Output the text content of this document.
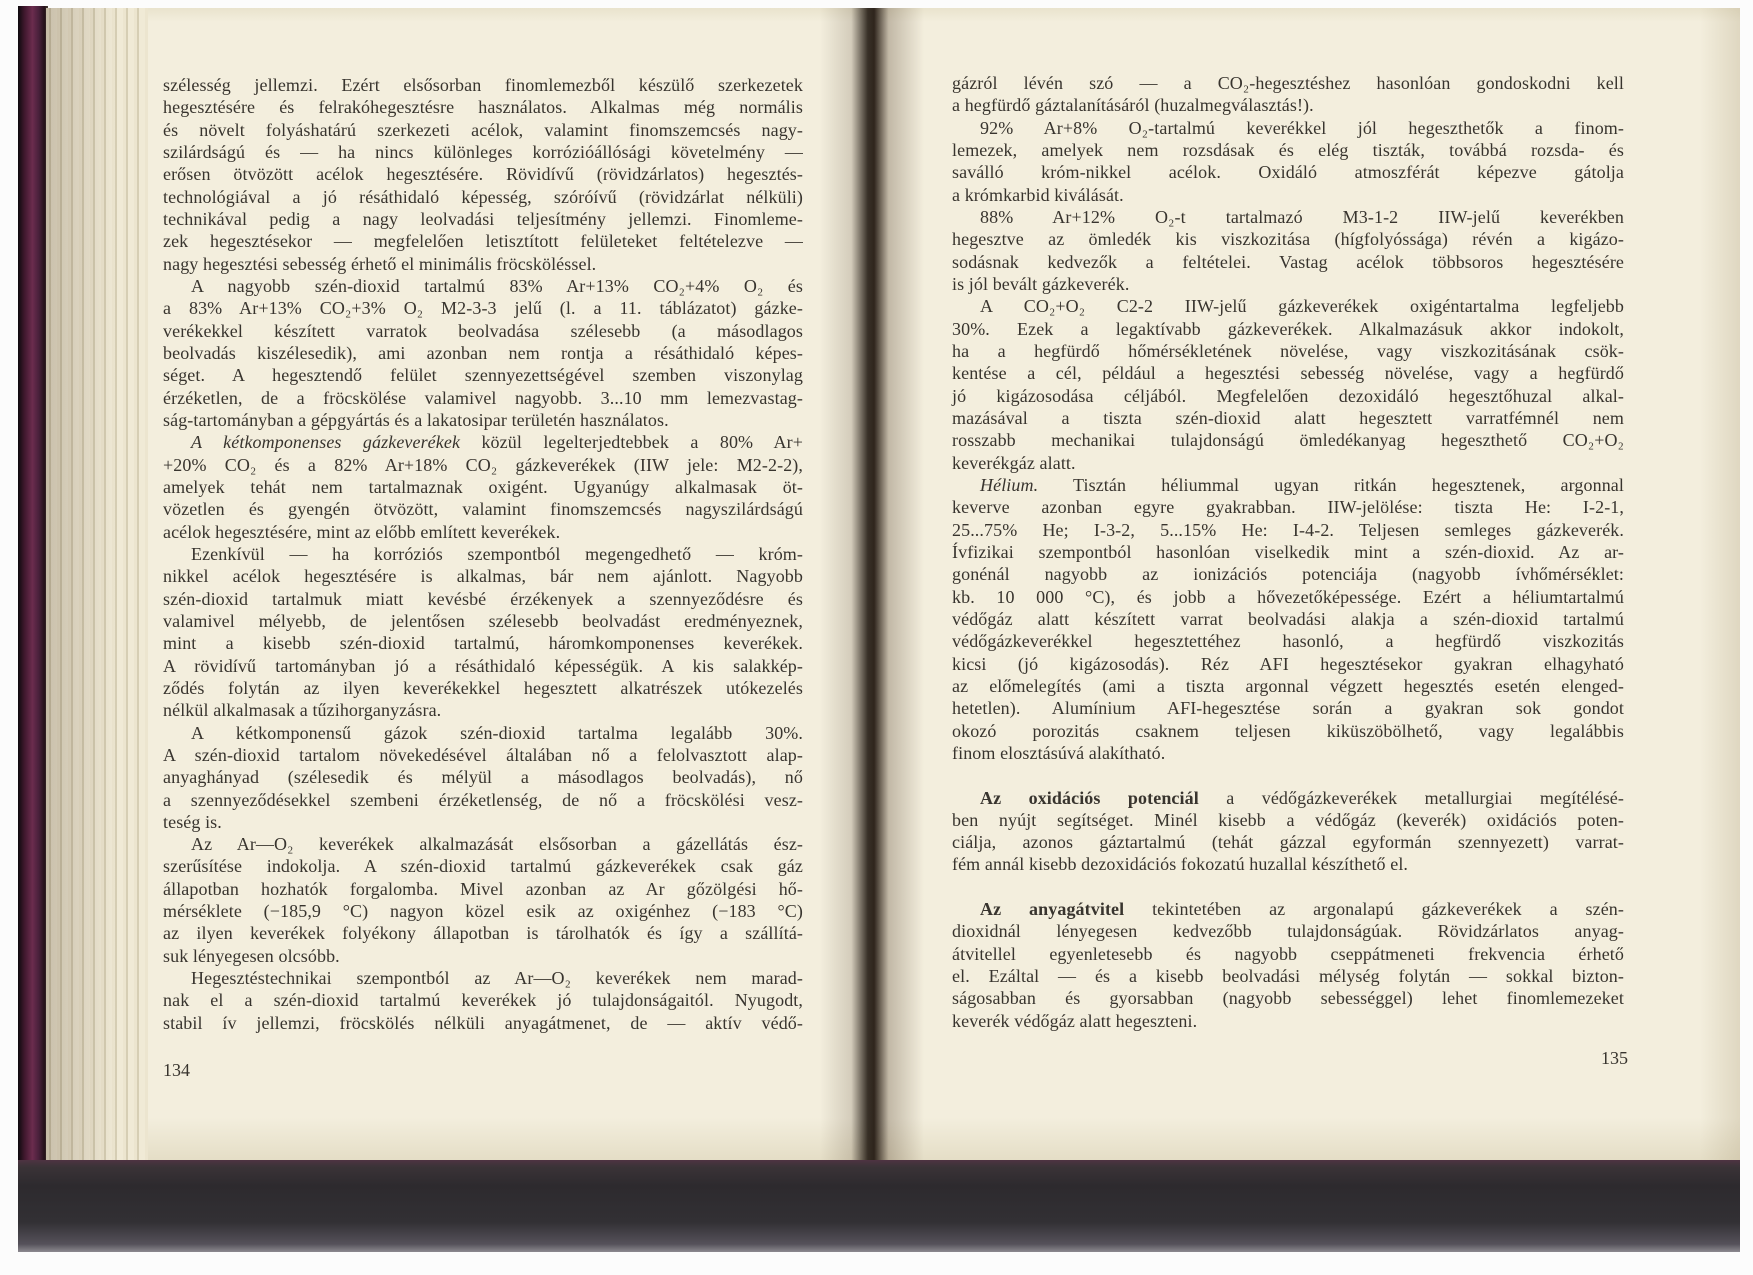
szélesség jellemzi. Ezért elsősorban finomlemezből készülő szerkezetek
hegesztésére és felrakóhegesztésre használatos. Alkalmas még normális
és növelt folyáshatárú szerkezeti acélok, valamint finomszemcsés nagy-
szilárdságú és — ha nincs különleges korrózióállósági követelmény —
erősen ötvözött acélok hegesztésére. Rövidívű (rövidzárlatos) hegesztés-
technológiával a jó résáthidaló képesség, szóróívű (rövidzárlat nélküli)
technikával pedig a nagy leolvadási teljesítmény jellemzi. Finomleme-
zek hegesztésekor — megfelelően letisztított felületeket feltételezve —
nagy hegesztési sebesség érhető el minimális fröcsköléssel.
A nagyobb szén-dioxid tartalmú 83% Ar+13% CO₂+4% O₂ és
a 83% Ar+13% CO₂+3% O₂ M2-3-3 jelű (l. a 11. táblázatot) gázke-
verékekkel készített varratok beolvadása szélesebb (a másodlagos
beolvadás kiszélesedik), ami azonban nem rontja a résáthidaló képes-
séget. A hegesztendő felület szennyezettségével szemben viszonylag
érzéketlen, de a fröcskölése valamivel nagyobb. 3...10 mm lemezvastag-
ság-tartományban a gépgyártás és a lakatosipar területén használatos.
A kétkomponenses gázkeverékek közül legelterjedtebbek a 80% Ar+
+20% CO₂ és a 82% Ar+18% CO₂ gázkeverékek (IIW jele: M2-2-2),
amelyek tehát nem tartalmaznak oxigént. Ugyanúgy alkalmasak öt-
vözetlen és gyengén ötvözött, valamint finomszemcsés nagyszilárdságú
acélok hegesztésére, mint az előbb említett keverékek.
Ezenkívül — ha korróziós szempontból megengedhető — króm-
nikkel acélok hegesztésére is alkalmas, bár nem ajánlott. Nagyobb
szén-dioxid tartalmuk miatt kevésbé érzékenyek a szennyeződésre és
valamivel mélyebb, de jelentősen szélesebb beolvadást eredményeznek,
mint a kisebb szén-dioxid tartalmú, háromkomponenses keverékek.
A rövidívű tartományban jó a résáthidaló képességük. A kis salakkép-
ződés folytán az ilyen keverékekkel hegesztett alkatrészek utókezelés
nélkül alkalmasak a tűzihorganyzásra.
A kétkomponensű gázok szén-dioxid tartalma legalább 30%.
A szén-dioxid tartalom növekedésével általában nő a felolvasztott alap-
anyaghányad (szélesedik és mélyül a másodlagos beolvadás), nő
a szennyeződésekkel szembeni érzéketlenség, de nő a fröcskölési vesz-
teség is.
Az Ar—O₂ keverékek alkalmazását elsősorban a gázellátás ész-
szerűsítése indokolja. A szén-dioxid tartalmú gázkeverékek csak gáz
állapotban hozhatók forgalomba. Mivel azonban az Ar gőzölgési hő-
mérséklete (−185,9 °C) nagyon közel esik az oxigénhez (−183 °C)
az ilyen keverékek folyékony állapotban is tárolhatók és így a szállítá-
suk lényegesen olcsóbb.
Hegesztéstechnikai szempontból az Ar—O₂ keverékek nem marad-
nak el a szén-dioxid tartalmú keverékek jó tulajdonságaitól. Nyugodt,
stabil ív jellemzi, fröcskölés nélküli anyagátmenet, de — aktív védő-
gázról lévén szó — a CO₂-hegesztéshez hasonlóan gondoskodni kell
a hegfürdő gáztalanításáról (huzalmegválasztás!).
92% Ar+8% O₂-tartalmú keverékkel jól hegeszthetők a finom-
lemezek, amelyek nem rozsdásak és elég tiszták, továbbá rozsda- és
saválló króm-nikkel acélok. Oxidáló atmoszférát képezve gátolja
a krómkarbid kiválását.
88% Ar+12% O₂-t tartalmazó M3-1-2 IIW-jelű keverékben
hegesztve az ömledék kis viszkozitása (hígfolyóssága) révén a kigázo-
sodásnak kedvezők a feltételei. Vastag acélok többsoros hegesztésére
is jól bevált gázkeverék.
A CO₂+O₂ C2-2 IIW-jelű gázkeverékek oxigéntartalma legfeljebb
30%. Ezek a legaktívabb gázkeverékek. Alkalmazásuk akkor indokolt,
ha a hegfürdő hőmérsékletének növelése, vagy viszkozitásának csök-
kentése a cél, például a hegesztési sebesség növelése, vagy a hegfürdő
jó kigázosodása céljából. Megfelelően dezoxidáló hegesztőhuzal alkal-
mazásával a tiszta szén-dioxid alatt hegesztett varratfémnél nem
rosszabb mechanikai tulajdonságú ömledékanyag hegeszthető CO₂+O₂
keverékgáz alatt.
Hélium. Tisztán héliummal ugyan ritkán hegesztenek, argonnal
keverve azonban egyre gyakrabban. IIW-jelölése: tiszta He: I-2-1,
25...75% He; I-3-2, 5...15% He: I-4-2. Teljesen semleges gázkeverék.
Ívfizikai szempontból hasonlóan viselkedik mint a szén-dioxid. Az ar-
gonénál nagyobb az ionizációs potenciája (nagyobb ívhőmérséklet:
kb. 10 000 °C), és jobb a hővezetőképessége. Ezért a héliumtartalmú
védőgáz alatt készített varrat beolvadási alakja a szén-dioxid tartalmú
védőgázkeverékkel hegesztettéhez hasonló, a hegfürdő viszkozitás
kicsi (jó kigázosodás). Réz AFI hegesztésekor gyakran elhagyható
az előmelegítés (ami a tiszta argonnal végzett hegesztés esetén elenged-
hetetlen). Alumínium AFI-hegesztése során a gyakran sok gondot
okozó porozitás csaknem teljesen kiküszöbölhető, vagy legalábbis
finom elosztásúvá alakítható.
Az oxidációs potenciál a védőgázkeverékek metallurgiai megítélésé-
ben nyújt segítséget. Minél kisebb a védőgáz (keverék) oxidációs poten-
ciálja, azonos gáztartalmú (tehát gázzal egyformán szennyezett) varrat-
fém annál kisebb dezoxidációs fokozatú huzallal készíthető el.
Az anyagátvitel tekintetében az argonalapú gázkeverékek a szén-
dioxidnál lényegesen kedvezőbb tulajdonságúak. Rövidzárlatos anyag-
átvitellel egyenletesebb és nagyobb cseppátmeneti frekvencia érhető
el. Ezáltal — és a kisebb beolvadási mélység folytán — sokkal bizton-
ságosabban és gyorsabban (nagyobb sebességgel) lehet finomlemezeket
keverék védőgáz alatt hegeszteni.
134
135
